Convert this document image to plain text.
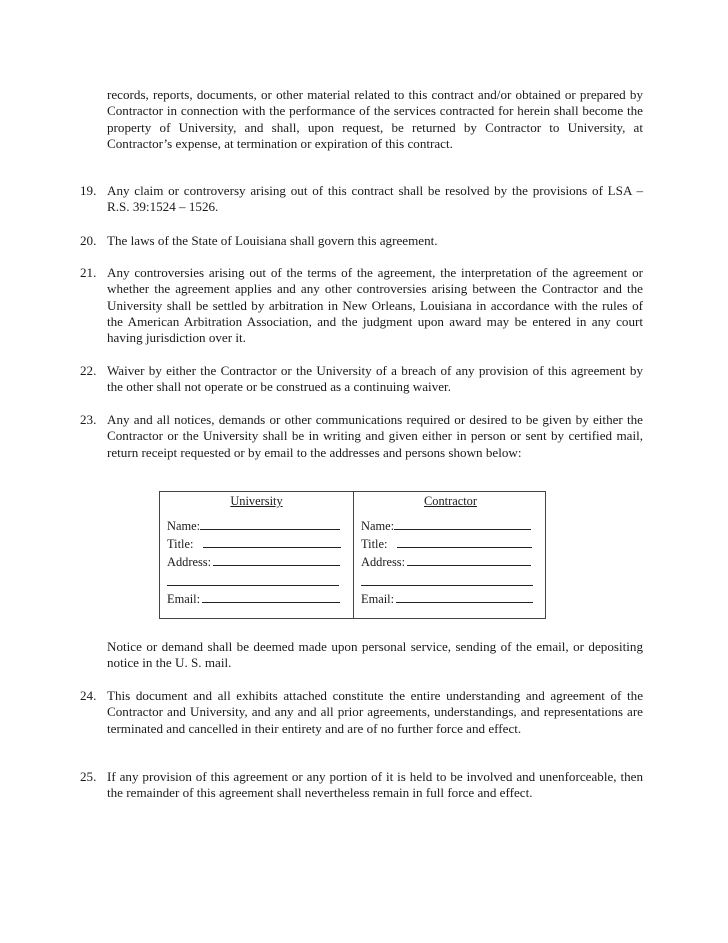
records, reports, documents, or other material related to this contract and/or obtained or prepared by Contractor in connection with the performance of the services contracted for herein shall become the property of University, and shall, upon request, be returned by Contractor to University, at Contractor’s expense, at termination or expiration of this contract.
19. Any claim or controversy arising out of this contract shall be resolved by the provisions of LSA – R.S. 39:1524 – 1526.
20. The laws of the State of Louisiana shall govern this agreement.
21. Any controversies arising out of the terms of the agreement, the interpretation of the agreement or whether the agreement applies and any other controversies arising between the Contractor and the University shall be settled by arbitration in New Orleans, Louisiana in accordance with the rules of the American Arbitration Association, and the judgment upon award may be entered in any court having jurisdiction over it.
22. Waiver by either the Contractor or the University of a breach of any provision of this agreement by the other shall not operate or be construed as a continuing waiver.
23. Any and all notices, demands or other communications required or desired to be given by either the Contractor or the University shall be in writing and given either in person or sent by certified mail, return receipt requested or by email to the addresses and persons shown below:
University
Name:
Title:
Address:
Email:
Contractor
Name:
Title:
Address:
Email:
Notice or demand shall be deemed made upon personal service, sending of the email, or depositing notice in the U. S. mail.
24. This document and all exhibits attached constitute the entire understanding and agreement of the Contractor and University, and any and all prior agreements, understandings, and representations are terminated and cancelled in their entirety and are of no further force and effect.
25. If any provision of this agreement or any portion of it is held to be involved and unenforceable, then the remainder of this agreement shall nevertheless remain in full force and effect.
